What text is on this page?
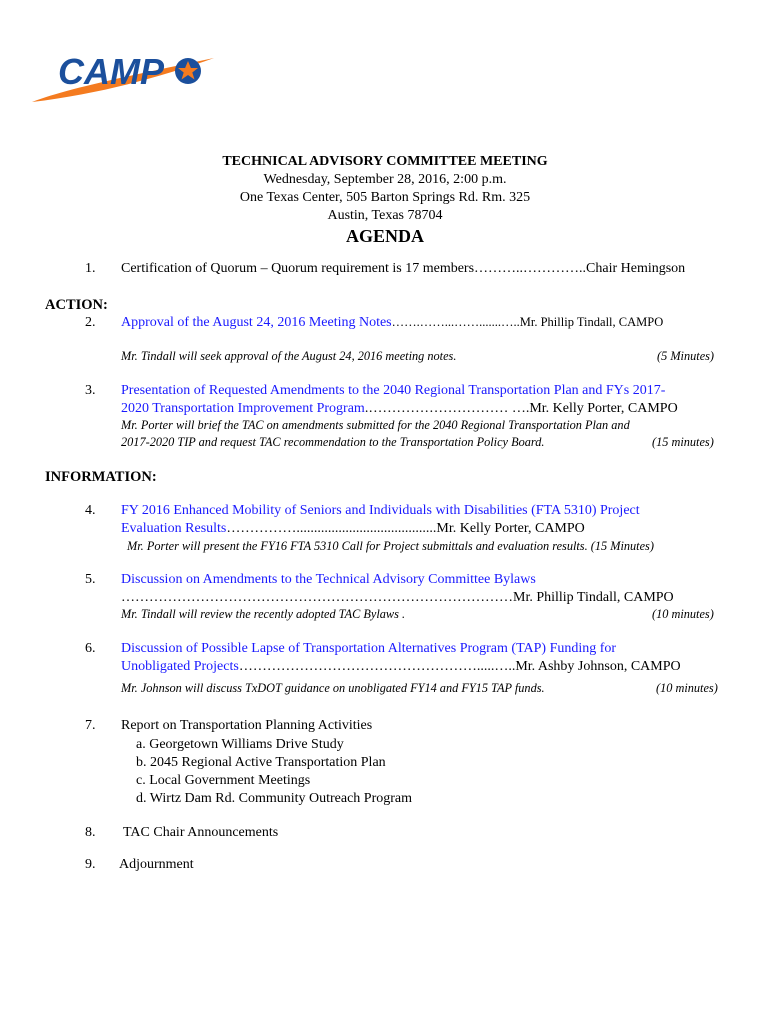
CAMP
TECHNICAL ADVISORY COMMITTEE MEETING
Wednesday, September 28, 2016, 2:00 p.m.
One Texas Center, 505 Barton Springs Rd. Rm. 325
Austin, Texas 78704
AGENDA
1. Certification of Quorum – Quorum requirement is 17 members………..…………..Chair Hemingson
ACTION:
2. Approval of the August 24, 2016 Meeting Notes…….……...…….......…..Mr. Phillip Tindall, CAMPO
Mr. Tindall will seek approval of the August 24, 2016 meeting notes.	(5 Minutes)
3. Presentation of Requested Amendments to the 2040 Regional Transportation Plan and FYs 2017-
2020 Transportation Improvement Program.………………………… ….Mr. Kelly Porter, CAMPO
Mr. Porter will brief the TAC on amendments submitted for the 2040 Regional Transportation Plan and
2017-2020 TIP and request TAC recommendation to the Transportation Policy Board.	(15 minutes)
INFORMATION:
4. FY 2016 Enhanced Mobility of Seniors and Individuals with Disabilities (FTA 5310) Project
Evaluation Results……………........................................Mr. Kelly Porter, CAMPO
Mr. Porter will present the FY16 FTA 5310 Call for Project submittals and evaluation results. (15 Minutes)
5. Discussion on Amendments to the Technical Advisory Committee Bylaws
…………………………………………………………………………Mr. Phillip Tindall, CAMPO
Mr. Tindall will review the recently adopted TAC Bylaws .	(10 minutes)
6. Discussion of Possible Lapse of Transportation Alternatives Program (TAP) Funding for
Unobligated Projects…………………………………………….....…..Mr. Ashby Johnson, CAMPO
Mr. Johnson will discuss TxDOT guidance on unobligated FY14 and FY15 TAP funds.	(10 minutes)
7. Report on Transportation Planning Activities
a. Georgetown Williams Drive Study
b. 2045 Regional Active Transportation Plan
c. Local Government Meetings
d. Wirtz Dam Rd. Community Outreach Program
8. TAC Chair Announcements
9. Adjournment
